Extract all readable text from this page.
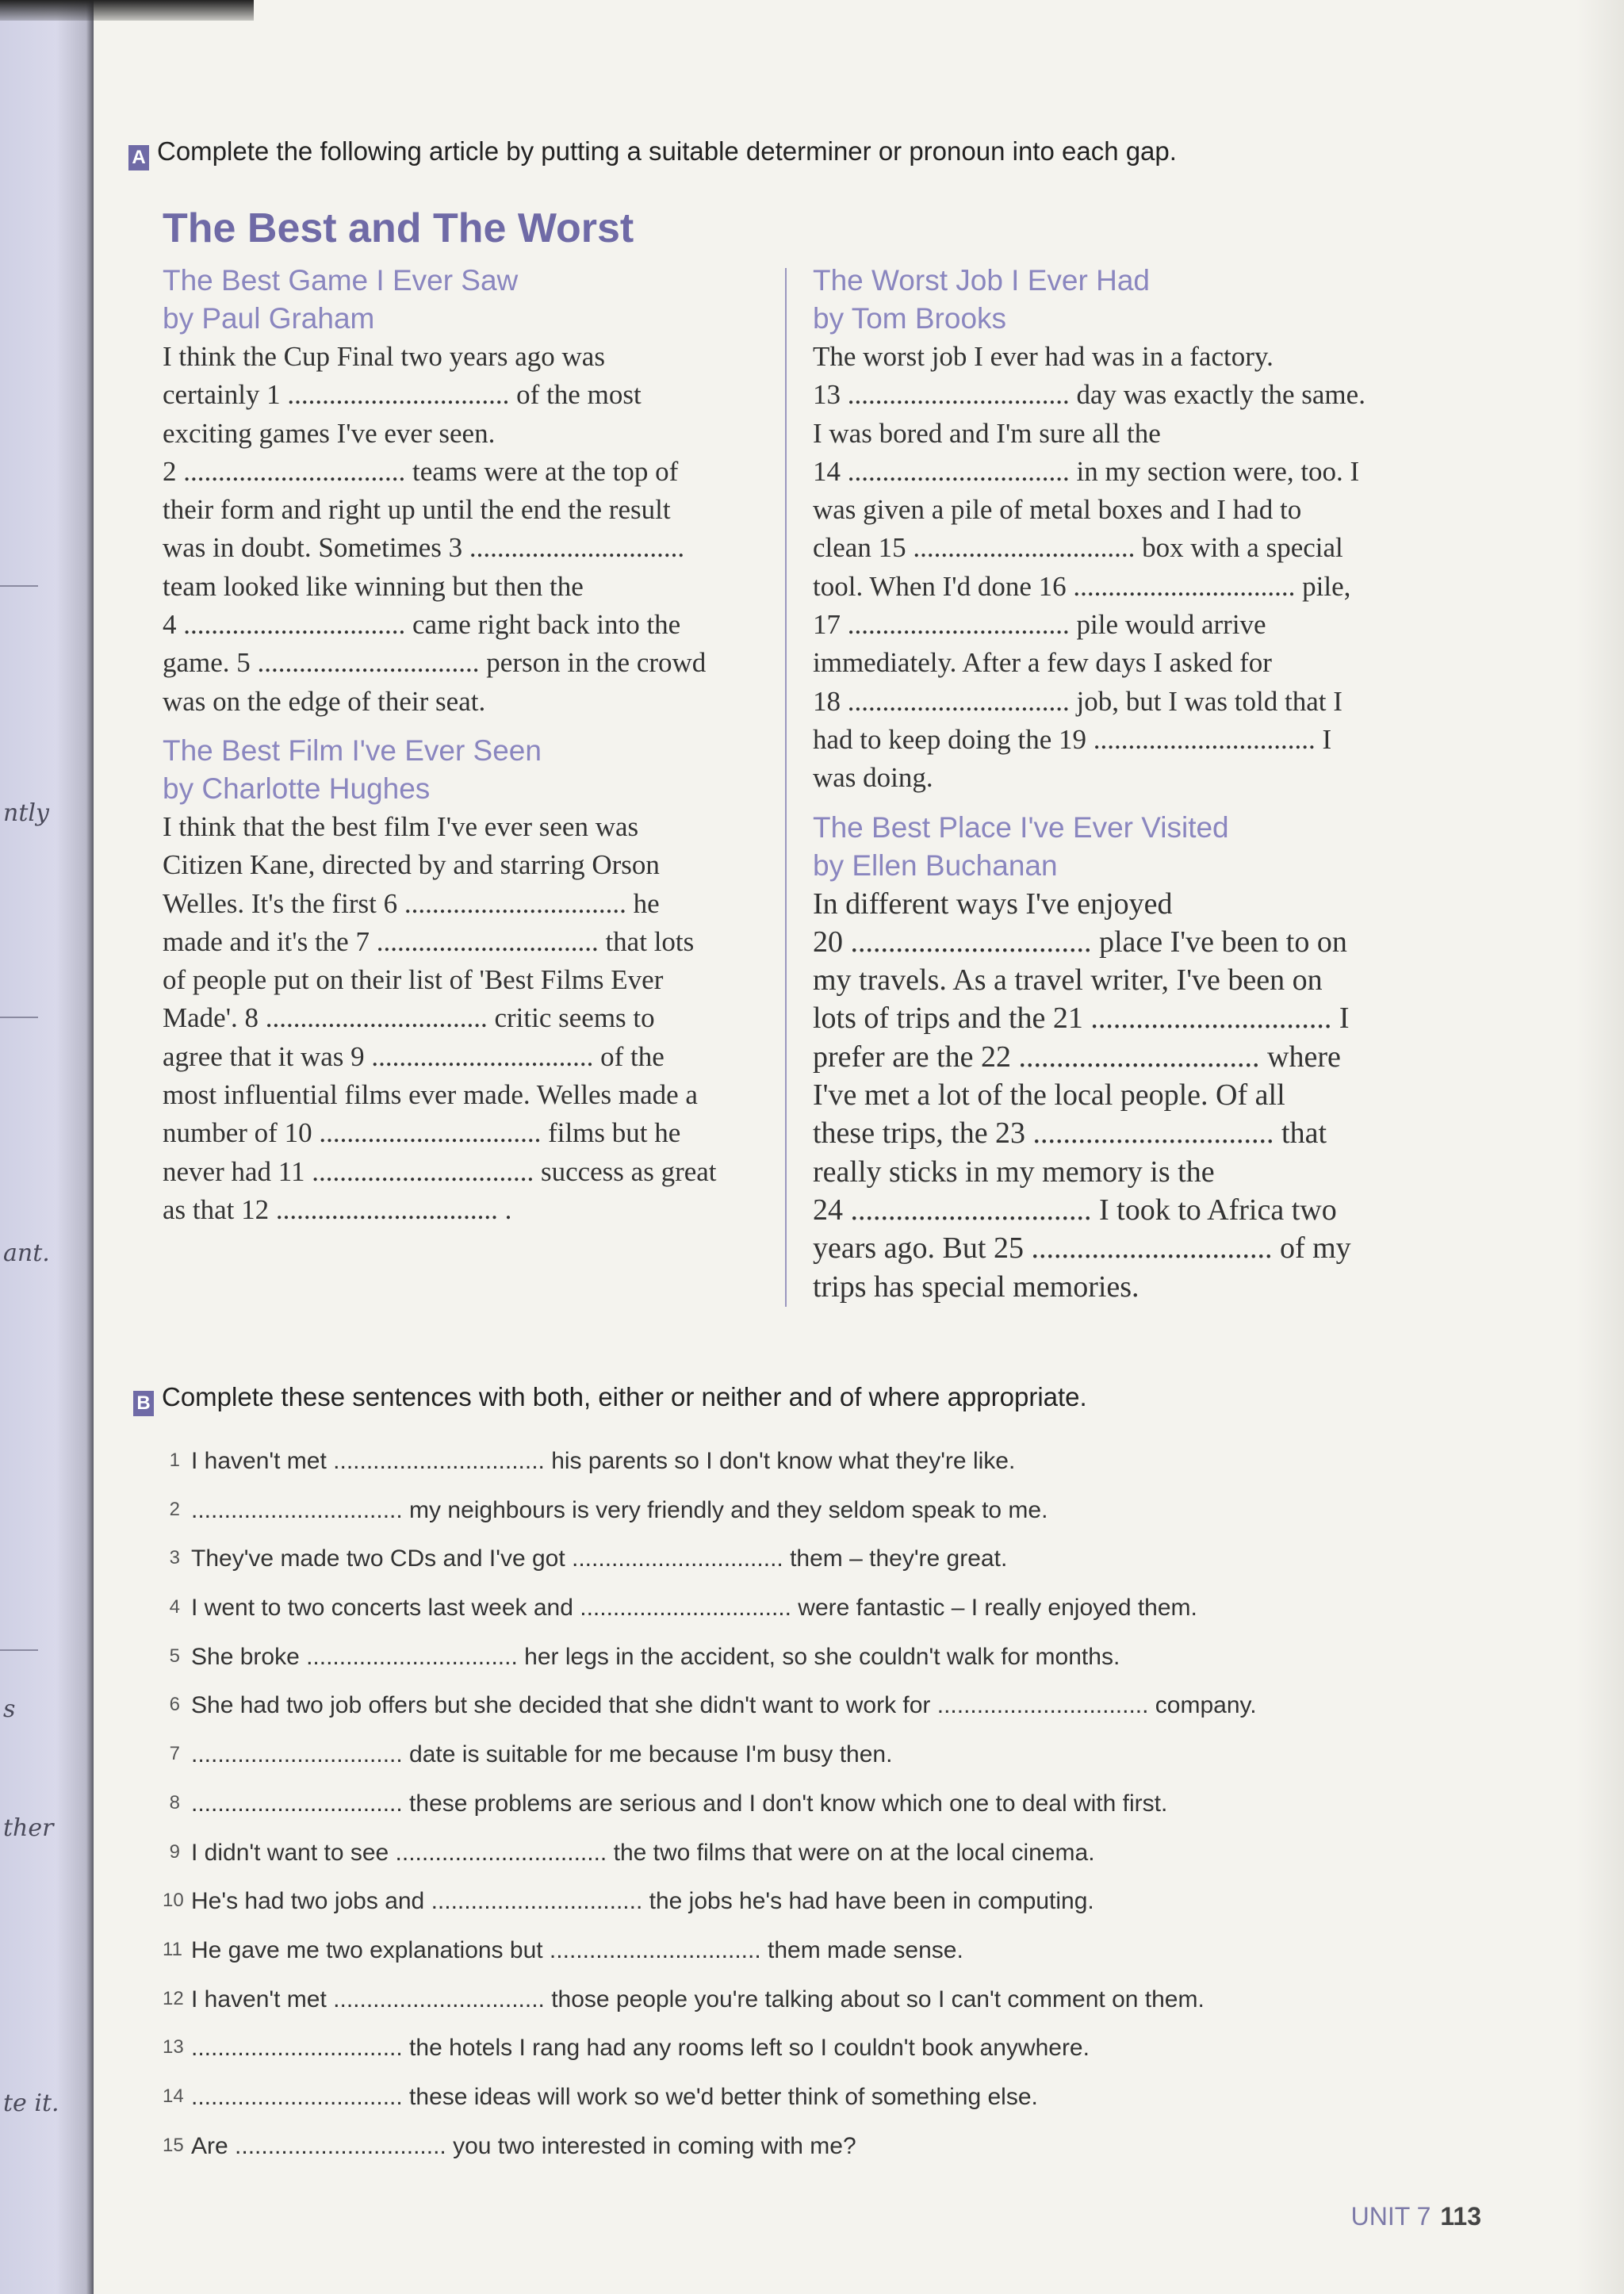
ntly
ant.
s
ther
te it.
A Complete the following article by putting a suitable determiner or pronoun into each gap.
The Best and The Worst
The Best Game I Ever Saw
by Paul Graham
I think the Cup Final two years ago was
certainly 1 ................................ of the most
exciting games I've ever seen.
2 ................................ teams were at the top of
their form and right up until the end the result
was in doubt. Sometimes 3 ...............................
team looked like winning but then the
4 ................................ came right back into the
game. 5 ................................ person in the crowd
was on the edge of their seat.
The Best Film I've Ever Seen
by Charlotte Hughes
I think that the best film I've ever seen was
Citizen Kane, directed by and starring Orson
Welles. It's the first 6 ................................ he
made and it's the 7 ................................ that lots
of people put on their list of 'Best Films Ever
Made'. 8 ................................ critic seems to
agree that it was 9 ................................ of the
most influential films ever made. Welles made a
number of 10 ................................ films but he
never had 11 ................................ success as great
as that 12 ................................ .
The Worst Job I Ever Had
by Tom Brooks
The worst job I ever had was in a factory.
13 ................................ day was exactly the same.
I was bored and I'm sure all the
14 ................................ in my section were, too. I
was given a pile of metal boxes and I had to
clean 15 ................................ box with a special
tool. When I'd done 16 ................................ pile,
17 ................................ pile would arrive
immediately. After a few days I asked for
18 ................................ job, but I was told that I
had to keep doing the 19 ................................ I
was doing.
The Best Place I've Ever Visited
by Ellen Buchanan
In different ways I've enjoyed
20 ................................ place I've been to on
my travels. As a travel writer, I've been on
lots of trips and the 21 ................................ I
prefer are the 22 ................................ where
I've met a lot of the local people. Of all
these trips, the 23 ................................ that
really sticks in my memory is the
24 ................................ I took to Africa two
years ago. But 25 ................................ of my
trips has special memories.
B Complete these sentences with both, either or neither and of where appropriate.
1 I haven't met ................................ his parents so I don't know what they're like.
2 ................................ my neighbours is very friendly and they seldom speak to me.
3 They've made two CDs and I've got ................................ them – they're great.
4 I went to two concerts last week and ................................ were fantastic – I really enjoyed them.
5 She broke ................................ her legs in the accident, so she couldn't walk for months.
6 She had two job offers but she decided that she didn't want to work for ................................ company.
7 ................................ date is suitable for me because I'm busy then.
8 ................................ these problems are serious and I don't know which one to deal with first.
9 I didn't want to see ................................ the two films that were on at the local cinema.
10 He's had two jobs and ................................ the jobs he's had have been in computing.
11 He gave me two explanations but ................................ them made sense.
12 I haven't met ................................ those people you're talking about so I can't comment on them.
13 ................................ the hotels I rang had any rooms left so I couldn't book anywhere.
14 ................................ these ideas will work so we'd better think of something else.
15 Are ................................ you two interested in coming with me?
UNIT 7 113
